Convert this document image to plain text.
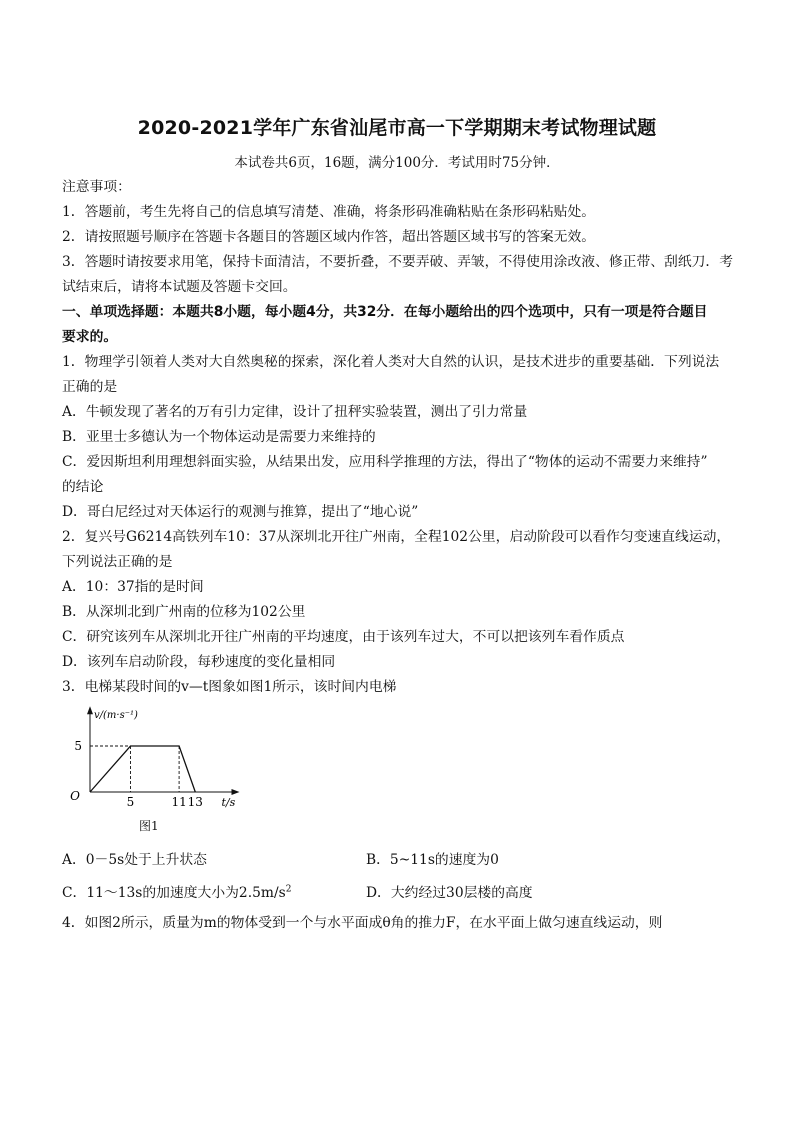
2020-2021学年广东省汕尾市高一下学期期末考试物理试题
本试卷共6页，16题，满分100分．考试用时75分钟．
注意事项：
1．答题前，考生先将自己的信息填写清楚、准确，将条形码准确粘贴在条形码粘贴处。
2．请按照题号顺序在答题卡各题目的答题区域内作答，超出答题区域书写的答案无效。
3．答题时请按要求用笔，保持卡面清洁，不要折叠，不要弄破、弄皱，不得使用涂改液、修正带、刮纸刀．考
试结束后，请将本试题及答题卡交回。
一、单项选择题：本题共8小题，每小题4分，共32分．在每小题给出的四个选项中，只有一项是符合题目
要求的。
1．物理学引领着人类对大自然奥秘的探索，深化着人类对大自然的认识，是技术进步的重要基础．下列说法
正确的是
A．牛顿发现了著名的万有引力定律，设计了扭秤实验装置，测出了引力常量
B．亚里士多德认为一个物体运动是需要力来维持的
C．爱因斯坦利用理想斜面实验，从结果出发，应用科学推理的方法，得出了“物体的运动不需要力来维持”
的结论
D．哥白尼经过对天体运行的观测与推算，提出了“地心说”
2．复兴号G6214高铁列车10：37从深圳北开往广州南，全程102公里，启动阶段可以看作匀变速直线运动，
下列说法正确的是
A．10：37指的是时间
B．从深圳北到广州南的位移为102公里
C．研究该列车从深圳北开往广州南的平均速度，由于该列车过大，不可以把该列车看作质点
D．该列车启动阶段，每秒速度的变化量相同
3．电梯某段时间的v—t图象如图1所示，该时间内电梯
5	11 13
5
O	t/s
v/(m·s⁻¹)
图1
A．0－5s处于上升状态	B．5~11s的速度为0
C．11～13s的加速度大小为$2.5m/s^2$	D．大约经过30层楼的高度
4．如图2所示，质量为m的物体受到一个与水平面成θ角的推力F，在水平面上做匀速直线运动，则
